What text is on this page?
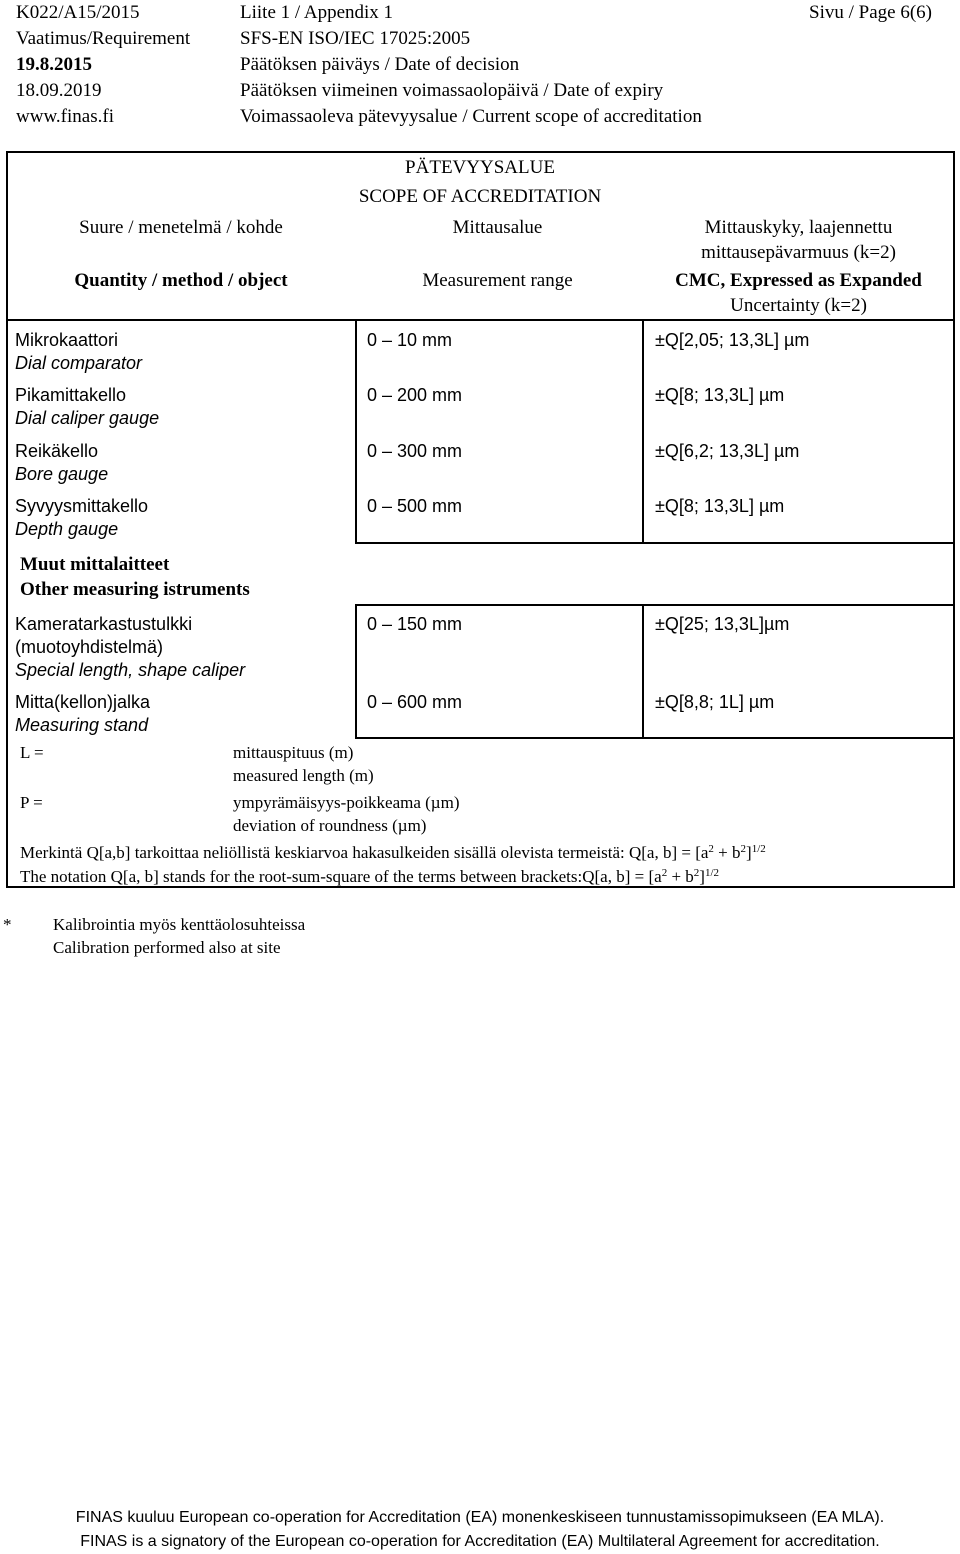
K022/A15/2015
Vaatimus/Requirement
19.8.2015
18.09.2019
www.finas.fi
Liite 1 / Appendix 1
SFS-EN ISO/IEC 17025:2005
Päätöksen päiväys / Date of decision
Päätöksen viimeinen voimassaolopäivä / Date of expiry
Voimassaoleva pätevyysalue / Current scope of accreditation
Sivu / Page 6(6)
PÄTEVYYSALUE
SCOPE OF ACCREDITATION
Suure / menetelmä / kohde
Quantity / method / object
Mittausalue
Measurement range
Mittauskyky, laajennettu
mittausepävarmuus (k=2)
CMC, Expressed as Expanded
Uncertainty (k=2)
Mikrokaattori
Dial comparator
0 – 10 mm	±Q[2,05; 13,3L] µm
Pikamittakello
Dial caliper gauge
0 – 200 mm	±Q[8; 13,3L] µm
Reikäkello
Bore gauge
0 – 300 mm	±Q[6,2; 13,3L] µm
Syvyysmittakello
Depth gauge
0 – 500 mm	±Q[8; 13,3L] µm
Muut mittalaitteet
Other measuring istruments
Kameratarkastustulkki
(muotoyhdistelmä)
Special length, shape caliper
0 – 150 mm	±Q[25; 13,3L]µm
Mitta(kellon)jalka
Measuring stand
0 – 600 mm	±Q[8,8; 1L] µm
L =	mittauspituus (m)
measured length (m)
P =	ympyrämäisyys-poikkeama (µm)
deviation of roundness (µm)
Merkintä Q[a,b] tarkoittaa neliöllistä keskiarvoa hakasulkeiden sisällä olevista termeistä: Q[a, $b] = [a^2 + b^2]^{1/2}$
The notation Q[a, b] stands for the root-sum-square of the terms between brackets:Q[a, $b] = [a^2 + b^2]^{1/2}$
* Kalibrointia myös kenttäolosuhteissa
Calibration performed also at site
FINAS kuuluu European co-operation for Accreditation (EA) monenkeskiseen tunnustamissopimukseen (EA MLA).
FINAS is a signatory of the European co-operation for Accreditation (EA) Multilateral Agreement for accreditation.
